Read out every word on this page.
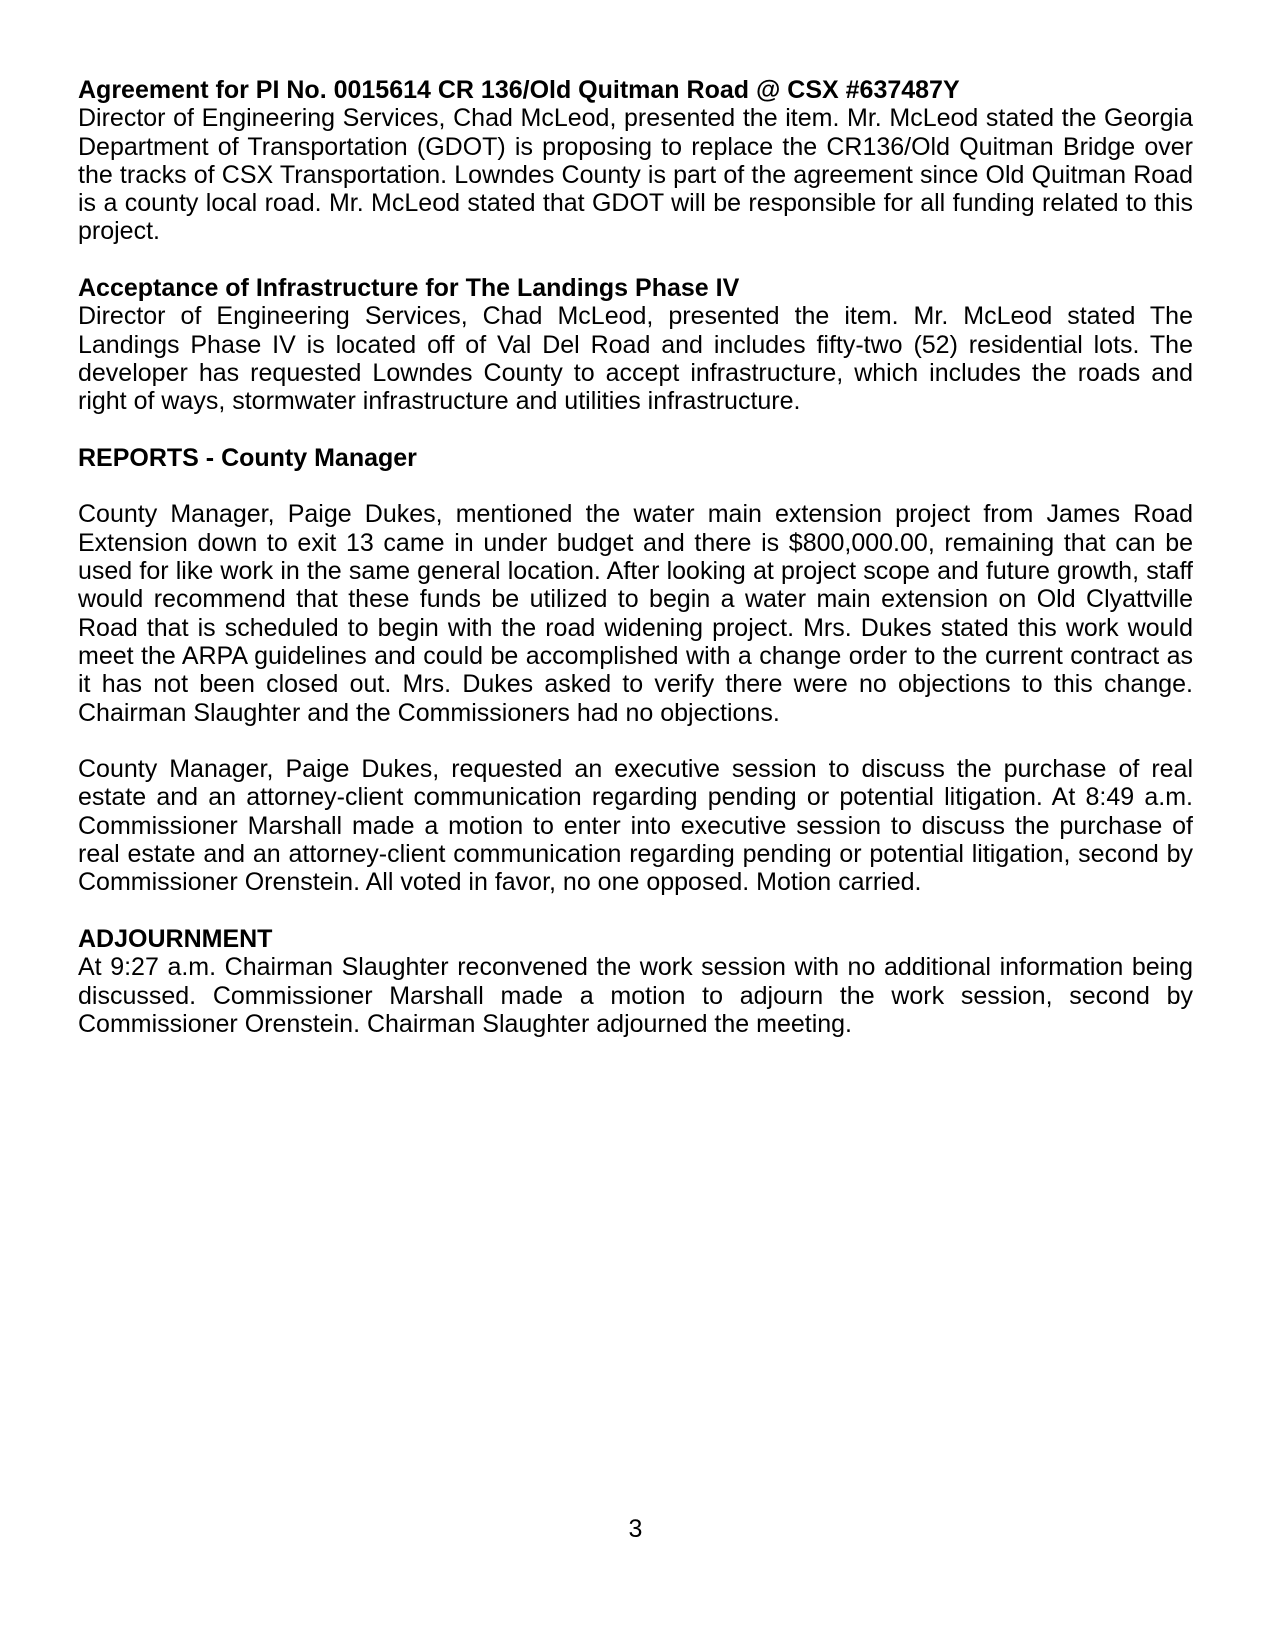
Agreement for PI No. 0015614 CR 136/Old Quitman Road @ CSX #637487Y

Director of Engineering Services, Chad McLeod, presented the item. Mr. McLeod stated the Georgia Department of Transportation (GDOT) is proposing to replace the CR136/Old Quitman Bridge over the tracks of CSX Transportation. Lowndes County is part of the agreement since Old Quitman Road is a county local road. Mr. McLeod stated that GDOT will be responsible for all funding related to this project.

Acceptance of Infrastructure for The Landings Phase IV

Director of Engineering Services, Chad McLeod, presented the item. Mr. McLeod stated The Landings Phase IV is located off of Val Del Road and includes fifty-two (52) residential lots. The developer has requested Lowndes County to accept infrastructure, which includes the roads and right of ways, stormwater infrastructure and utilities infrastructure.

REPORTS - County Manager

County Manager, Paige Dukes, mentioned the water main extension project from James Road Extension down to exit 13 came in under budget and there is $800,000.00, remaining that can be used for like work in the same general location. After looking at project scope and future growth, staff would recommend that these funds be utilized to begin a water main extension on Old Clyattville Road that is scheduled to begin with the road widening project. Mrs. Dukes stated this work would meet the ARPA guidelines and could be accomplished with a change order to the current contract as it has not been closed out. Mrs. Dukes asked to verify there were no objections to this change. Chairman Slaughter and the Commissioners had no objections.

County Manager, Paige Dukes, requested an executive session to discuss the purchase of real estate and an attorney-client communication regarding pending or potential litigation. At 8:49 a.m. Commissioner Marshall made a motion to enter into executive session to discuss the purchase of real estate and an attorney-client communication regarding pending or potential litigation, second by Commissioner Orenstein. All voted in favor, no one opposed. Motion carried.

ADJOURNMENT

At 9:27 a.m. Chairman Slaughter reconvened the work session with no additional information being discussed. Commissioner Marshall made a motion to adjourn the work session, second by Commissioner Orenstein. Chairman Slaughter adjourned the meeting.

3
